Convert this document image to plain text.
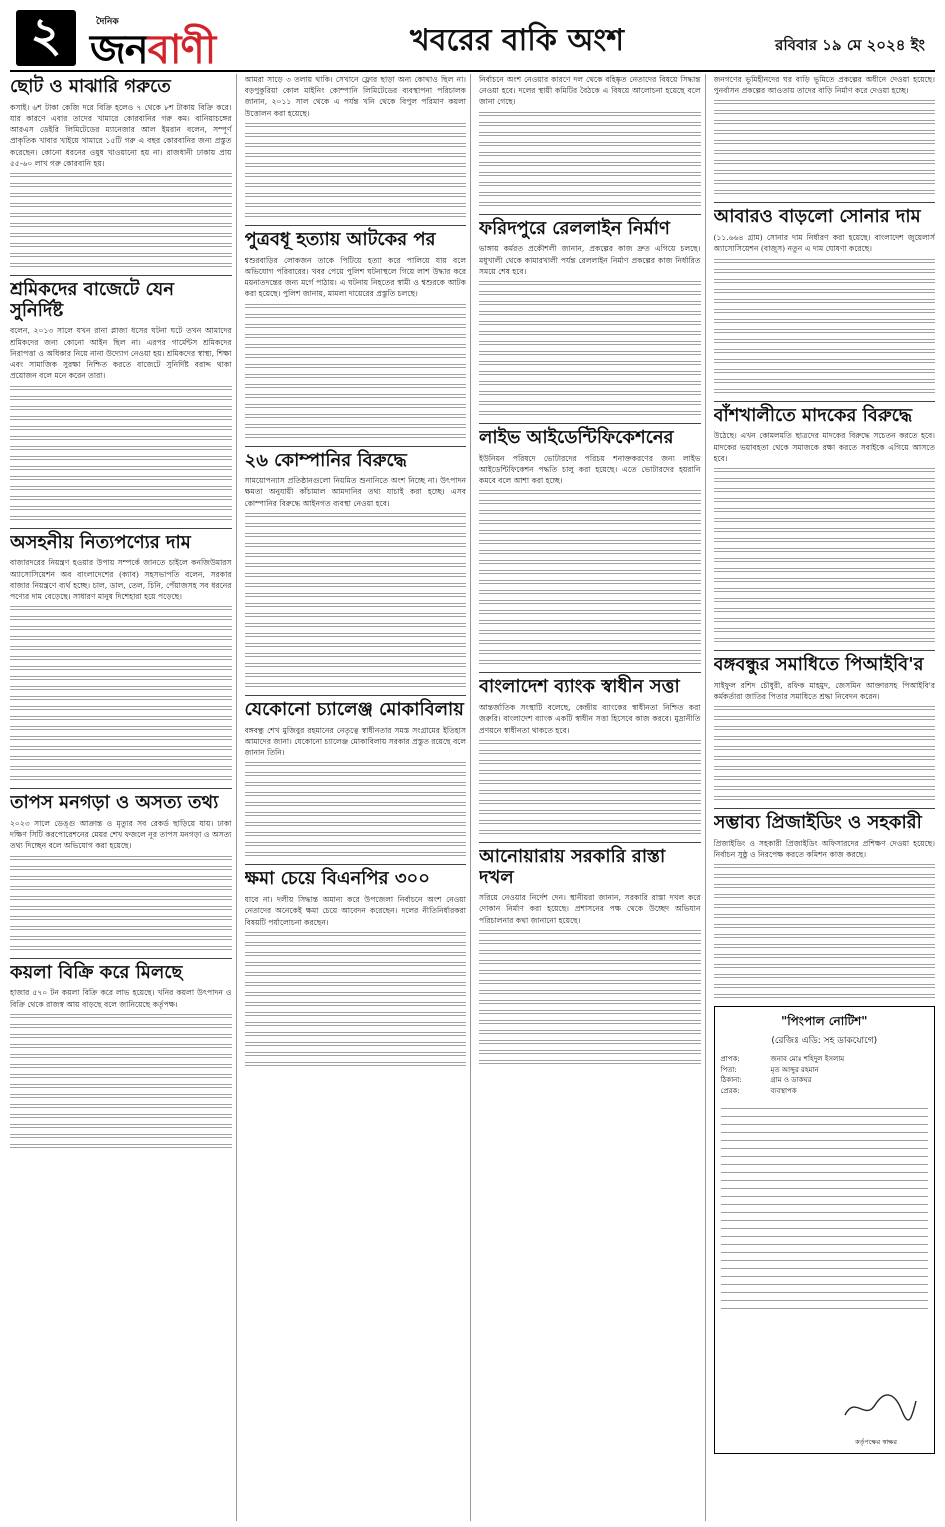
২	দৈনিক
জনবাণী	খবরের বাকি অংশ	রবিবার ১৯ মে ২০২৪ ইং
ছোট ও মাঝারি গরুতে
কসাই। ৬শ টাকা কেজি দরে বিক্রি হলেও ৭ থেকে ৮শ টাকায় বিক্রি করে। যার কারণে এবার তাদের খামারে কোরবানির গরু কম। বানিয়াচঙ্গের আরএস ডেইরি লিমিটেডের ম্যানেজার আল ইমরান বলেন, সম্পূর্ণ প্রাকৃতিক খাবার খাইয়ে খামারে ১৫টি গরু এ বছর কোরবানির জন্য প্রস্তুত করেছেন। কোনো ধরনের ওষুধ খাওয়ানো হয় না। রাজধানী ঢাকায় প্রায় ৫৫-৬০ লাখ গরু কোরবানি হয়।
শ্রমিকদের বাজেটে যেন সুনির্দিষ্ট
বলেন, ২০১৩ সালে যখন রানা প্লাজা ধসের ঘটনা ঘটে তখন আমাদের শ্রমিকদের জন্য কোনো আইন ছিল না। এরপর গার্মেন্টস শ্রমিকদের নিরাপত্তা ও অধিকার নিয়ে নানা উদ্যোগ নেওয়া হয়। শ্রমিকদের স্বাস্থ্য, শিক্ষা এবং সামাজিক সুরক্ষা নিশ্চিত করতে বাজেটে সুনির্দিষ্ট বরাদ্দ থাকা প্রয়োজন বলে মনে করেন তারা।
অসহনীয় নিত্যপণ্যের দাম
বাজারদরের নিয়ন্ত্রণ হওয়ার উপায় সম্পর্কে জানতে চাইলে কনজিউমারস অ্যাসোসিয়েশন অব বাংলাদেশের (ক্যাব) সহসভাপতি বলেন, সরকার বাজার নিয়ন্ত্রণে ব্যর্থ হচ্ছে। চাল, ডাল, তেল, চিনি, পেঁয়াজসহ সব ধরনের পণ্যের দাম বেড়েছে। সাধারণ মানুষ দিশেহারা হয়ে পড়েছে।
তাপস মনগড়া ও অসত্য তথ্য
২০২৩ সালে ডেঙ্গু আক্রান্ত ও মৃত্যুর সব রেকর্ড ছাড়িয়ে যায়। ঢাকা দক্ষিণ সিটি করপোরেশনের মেয়র শেখ ফজলে নূর তাপস মনগড়া ও অসত্য তথ্য দিচ্ছেন বলে অভিযোগ করা হয়েছে।
কয়লা বিক্রি করে মিলছে
হাজার ৫৭০ টন কয়লা বিক্রি করে লাভ হয়েছে। খনির কয়লা উৎপাদন ও বিক্রি থেকে রাজস্ব আয় বাড়ছে বলে জানিয়েছে কর্তৃপক্ষ।
আমরা সাড়ে ৩ তলায় থাকি। সেখানে ফ্লোর ছাড়া অন্য কোথাও ছিল না। বড়পুকুরিয়া কোল মাইনিং কোম্পানি লিমিটেডের ব্যবস্থাপনা পরিচালক জানান, ২০১১ সাল থেকে এ পর্যন্ত খনি থেকে বিপুল পরিমাণ কয়লা উত্তোলন করা হয়েছে।
পুত্রবধূ হত্যায় আটকের পর
শ্বশুরবাড়ির লোকজন তাকে পিটিয়ে হত্যা করে পালিয়ে যায় বলে অভিযোগ পরিবারের। খবর পেয়ে পুলিশ ঘটনাস্থলে গিয়ে লাশ উদ্ধার করে ময়নাতদন্তের জন্য মর্গে পাঠায়। এ ঘটনায় নিহতের স্বামী ও শ্বশুরকে আটক করা হয়েছে। পুলিশ জানায়, মামলা দায়েরের প্রস্তুতি চলছে।
২৬ কোম্পানির বিরুদ্ধে
সাময়োপন্যাস প্রতিষ্ঠানগুলো নিয়মিত শুনানিতে অংশ নিচ্ছে না। উৎপাদন ক্ষমতা অনুযায়ী কাঁচামাল আমদানির তথ্য যাচাই করা হচ্ছে। এসব কোম্পানির বিরুদ্ধে আইনগত ব্যবস্থা নেওয়া হবে।
যেকোনো চ্যালেঞ্জ মোকাবিলায়
বঙ্গবন্ধু শেখ মুজিবুর রহমানের নেতৃত্বে স্বাধীনতার সমস্ত সংগ্রামের ইতিহাস আমাদের জানা। যেকোনো চ্যালেঞ্জ মোকাবিলায় সরকার প্রস্তুত রয়েছে বলে জানান তিনি।
ক্ষমা চেয়ে বিএনপির ৩০০
যাবে না। দলীয় সিদ্ধান্ত অমান্য করে উপজেলা নির্বাচনে অংশ নেওয়া নেতাদের অনেকেই ক্ষমা চেয়ে আবেদন করেছেন। দলের নীতিনির্ধারকরা বিষয়টি পর্যালোচনা করছেন।
নির্বাচনে অংশ নেওয়ার কারণে দল থেকে বহিষ্কৃত নেতাদের বিষয়ে সিদ্ধান্ত নেওয়া হবে। দলের স্থায়ী কমিটির বৈঠকে এ বিষয়ে আলোচনা হয়েছে বলে জানা গেছে।
ফরিদপুরে রেললাইন নির্মাণ
ভাঙ্গায় কর্মরত প্রকৌশলী জানান, প্রকল্পের কাজ দ্রুত এগিয়ে চলছে। মধুখালী থেকে কামারখালী পর্যন্ত রেললাইন নির্মাণ প্রকল্পের কাজ নির্ধারিত সময়ে শেষ হবে।
লাইভ আইডেন্টিফিকেশনের
ইউনিয়ন পরিষদে ভোটারদের পরিচয় শনাক্তকরণের জন্য লাইভ আইডেন্টিফিকেশন পদ্ধতি চালু করা হয়েছে। এতে ভোটারদের হয়রানি কমবে বলে আশা করা হচ্ছে।
বাংলাদেশ ব্যাংক স্বাধীন সত্তা
আন্তর্জাতিক সংস্থাটি বলেছে, কেন্দ্রীয় ব্যাংকের স্বাধীনতা নিশ্চিত করা জরুরি। বাংলাদেশ ব্যাংক একটি স্বাধীন সত্তা হিসেবে কাজ করবে। মুদ্রানীতি প্রণয়নে স্বাধীনতা থাকতে হবে।
আনোয়ারায় সরকারি রাস্তা দখল
সরিয়ে নেওয়ার নির্দেশ দেন। স্থানীয়রা জানান, সরকারি রাস্তা দখল করে দোকান নির্মাণ করা হয়েছে। প্রশাসনের পক্ষ থেকে উচ্ছেদ অভিযান পরিচালনার কথা জানানো হয়েছে।
জনগণের ভূমিহীনদের ঘর বাড়ি ভূমিতে প্রকল্পের অধীনে দেওয়া হয়েছে। পুনর্বাসন প্রকল্পের আওতায় তাদের বাড়ি নির্মাণ করে দেওয়া হচ্ছে।
আবারও বাড়লো সোনার দাম
(১১.৬৬৪ গ্রাম) সোনার দাম নির্ধারণ করা হয়েছে। বাংলাদেশ জুয়েলার্স অ্যাসোসিয়েশন (বাজুস) নতুন এ দাম ঘোষণা করেছে।
বাঁশখালীতে মাদকের বিরুদ্ধে
উঠেছে। এখন কোমলমতি ছাত্রদের মাদকের বিরুদ্ধে সচেতন করতে হবে। মাদকের ভয়াবহতা থেকে সমাজকে রক্ষা করতে সবাইকে এগিয়ে আসতে হবে।
বঙ্গবন্ধুর সমাধিতে পিআইবি'র
সাইফুল রশিদ চৌধুরী, রফিক মাহমুদ, জেসমিন আক্তারসহ পিআইবি'র কর্মকর্তারা জাতির পিতার সমাধিতে শ্রদ্ধা নিবেদন করেন।
সম্ভাব্য প্রিজাইডিং ও সহকারী
প্রিজাইডিং ও সহকারী প্রিজাইডিং অফিসারদের প্রশিক্ষণ দেওয়া হয়েছে। নির্বাচন সুষ্ঠু ও নিরপেক্ষ করতে কমিশন কাজ করছে।
"পিংপাল নোটিশ"
(রেজিঃ এডি: সহ ডাকযোগে)
প্রাপক:	জনাব মোঃ শহিদুল ইসলাম
পিতা:	মৃত আব্দুর রহমান
ঠিকানা:	গ্রাম ও ডাকঘর
প্রেরক:	ব্যবস্থাপক
কর্তৃপক্ষের স্বাক্ষর
